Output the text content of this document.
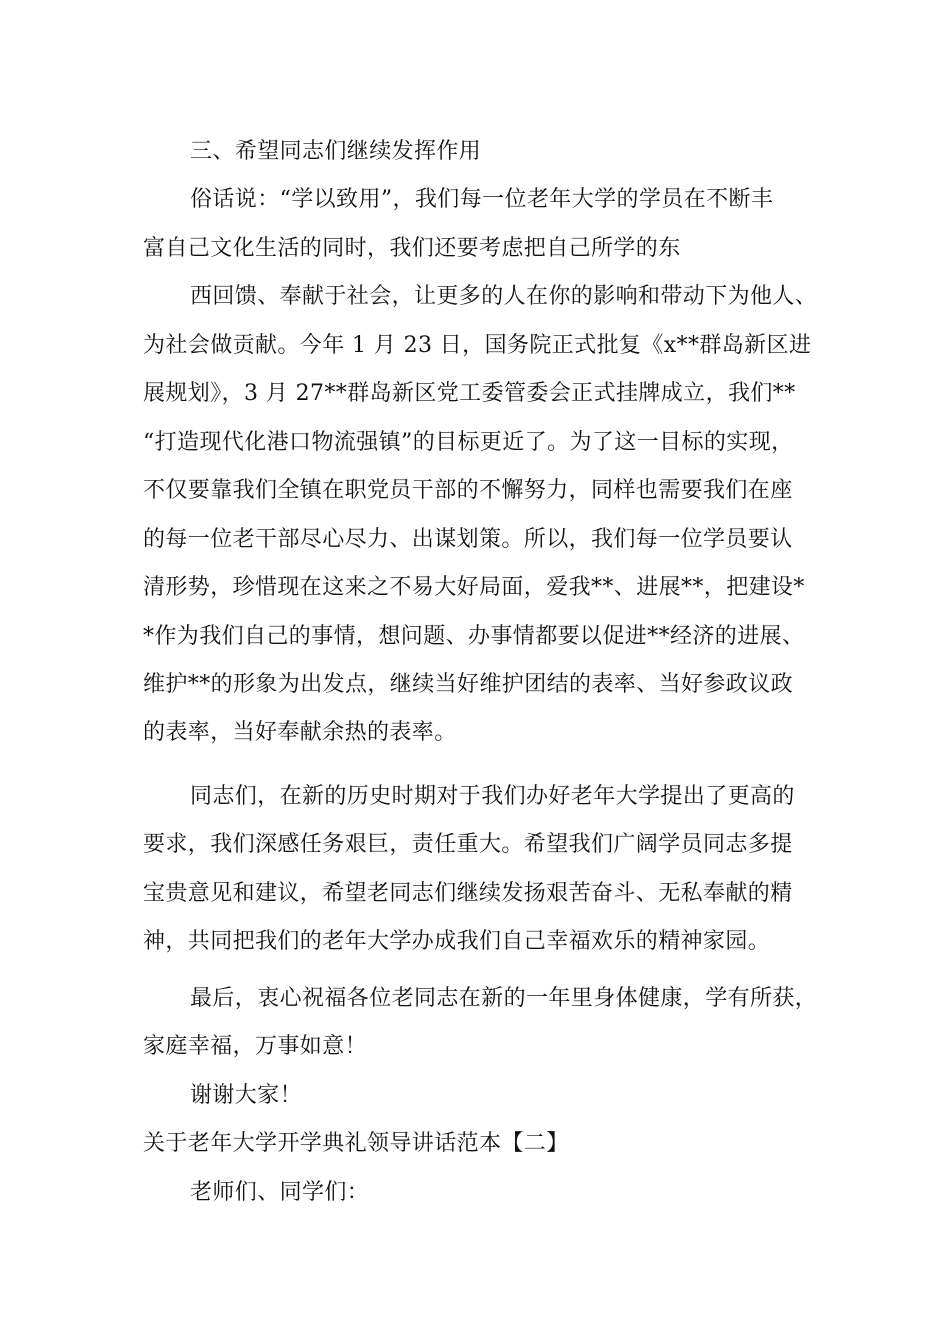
三、希望同志们继续发挥作用
俗话说：“学以致用”，我们每一位老年大学的学员在不断丰
富自己文化生活的同时，我们还要考虑把自己所学的东
西回馈、奉献于社会，让更多的人在你的影响和带动下为他人、
为社会做贡献。今年 1 月 23 日，国务院正式批复《x**群岛新区进
展规划》，3 月 27**群岛新区党工委管委会正式挂牌成立，我们**
“打造现代化港口物流强镇”的目标更近了。为了这一目标的实现，
不仅要靠我们全镇在职党员干部的不懈努力，同样也需要我们在座
的每一位老干部尽心尽力、出谋划策。所以，我们每一位学员要认
清形势，珍惜现在这来之不易大好局面，爱我**、进展**，把建设*
*作为我们自己的事情，想问题、办事情都要以促进**经济的进展、
维护**的形象为出发点，继续当好维护团结的表率、当好参政议政
的表率，当好奉献余热的表率。
同志们，在新的历史时期对于我们办好老年大学提出了更高的
要求，我们深感任务艰巨，责任重大。希望我们广阔学员同志多提
宝贵意见和建议，希望老同志们继续发扬艰苦奋斗、无私奉献的精
神，共同把我们的老年大学办成我们自己幸福欢乐的精神家园。
最后，衷心祝福各位老同志在新的一年里身体健康，学有所获，
家庭幸福，万事如意！
谢谢大家！
关于老年大学开学典礼领导讲话范本【二】
老师们、同学们：
